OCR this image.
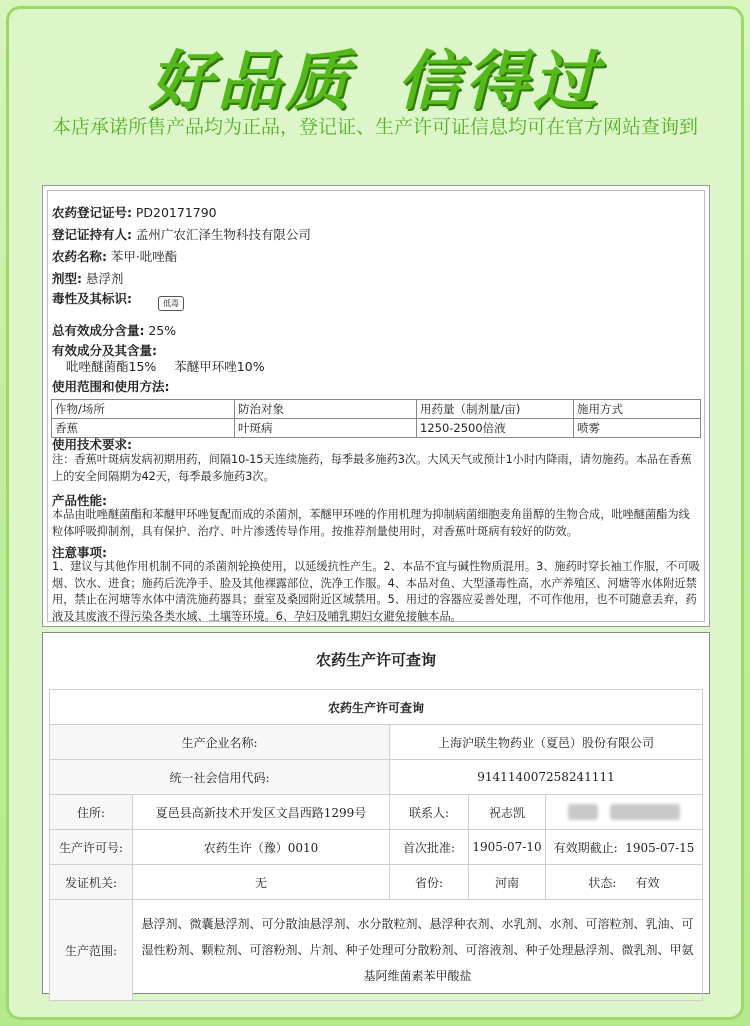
好品质 信得过
本店承诺所售产品均为正品，登记证、生产许可证信息均可在官方网站查询到
农药登记证号: PD20171790
登记证持有人: 孟州广农汇泽生物科技有限公司
农药名称: 苯甲·吡唑酯
剂型: 悬浮剂
毒性及其标识:	低毒
总有效成分含量: 25%
有效成分及其含量:
吡唑醚菌酯15% 苯醚甲环唑10%
使用范围和使用方法:
作物/场所	防治对象	用药量（制剂量/亩)	施用方式
香蕉	叶斑病	1250-2500倍液	喷雾
使用技术要求:
注：香蕉叶斑病发病初期用药，间隔10-15天连续施药，每季最多施药3次。大风天气或预计1小时内降雨，请勿施药。本品在香蕉上的安全间隔期为42天，每季最多施药3次。
产品性能:
本品由吡唑醚菌酯和苯醚甲环唑复配而成的杀菌剂，苯醚甲环唑的作用机理为抑制病菌细胞麦角甾醇的生物合成，吡唑醚菌酯为线粒体呼吸抑制剂，具有保护、治疗、叶片渗透传导作用。按推荐剂量使用时，对香蕉叶斑病有较好的防效。
注意事项:
1、建议与其他作用机制不同的杀菌剂轮换使用，以延缓抗性产生。2、本品不宜与碱性物质混用。3、施药时穿长袖工作服，不可吸烟、饮水、进食；施药后洗净手、脸及其他裸露部位，洗净工作服。4、本品对鱼、大型溞毒性高，水产养殖区、河塘等水体附近禁用，禁止在河塘等水体中清洗施药器具；蚕室及桑园附近区域禁用。5、用过的容器应妥善处理，不可作他用，也不可随意丢弃，药液及其废液不得污染各类水域、土壤等环境。6、孕妇及哺乳期妇女避免接触本品。
农药生产许可查询
农药生产许可查询				
生产企业名称:		上海沪联生物药业（夏邑）股份有限公司		
统一社会信用代码:		914114007258241111		
住所:	夏邑县高新技术开发区文昌西路1299号	联系人:	祝志凯	
生产许可号:	农药生许（豫）0010	首次批准:	1905-07-10	有效期截止: 1905-07-15
发证机关:	无	省份:	河南	状态: 有效
生产范围:	悬浮剂、微囊悬浮剂、可分散油悬浮剂、水分散粒剂、悬浮种衣剂、水乳剂、水剂、可溶粒剂、乳油、可湿性粉剂、颗粒剂、可溶粉剂、片剂、种子处理可分散粉剂、可溶液剂、种子处理悬浮剂、微乳剂、甲氨基阿维菌素苯甲酸盐			
